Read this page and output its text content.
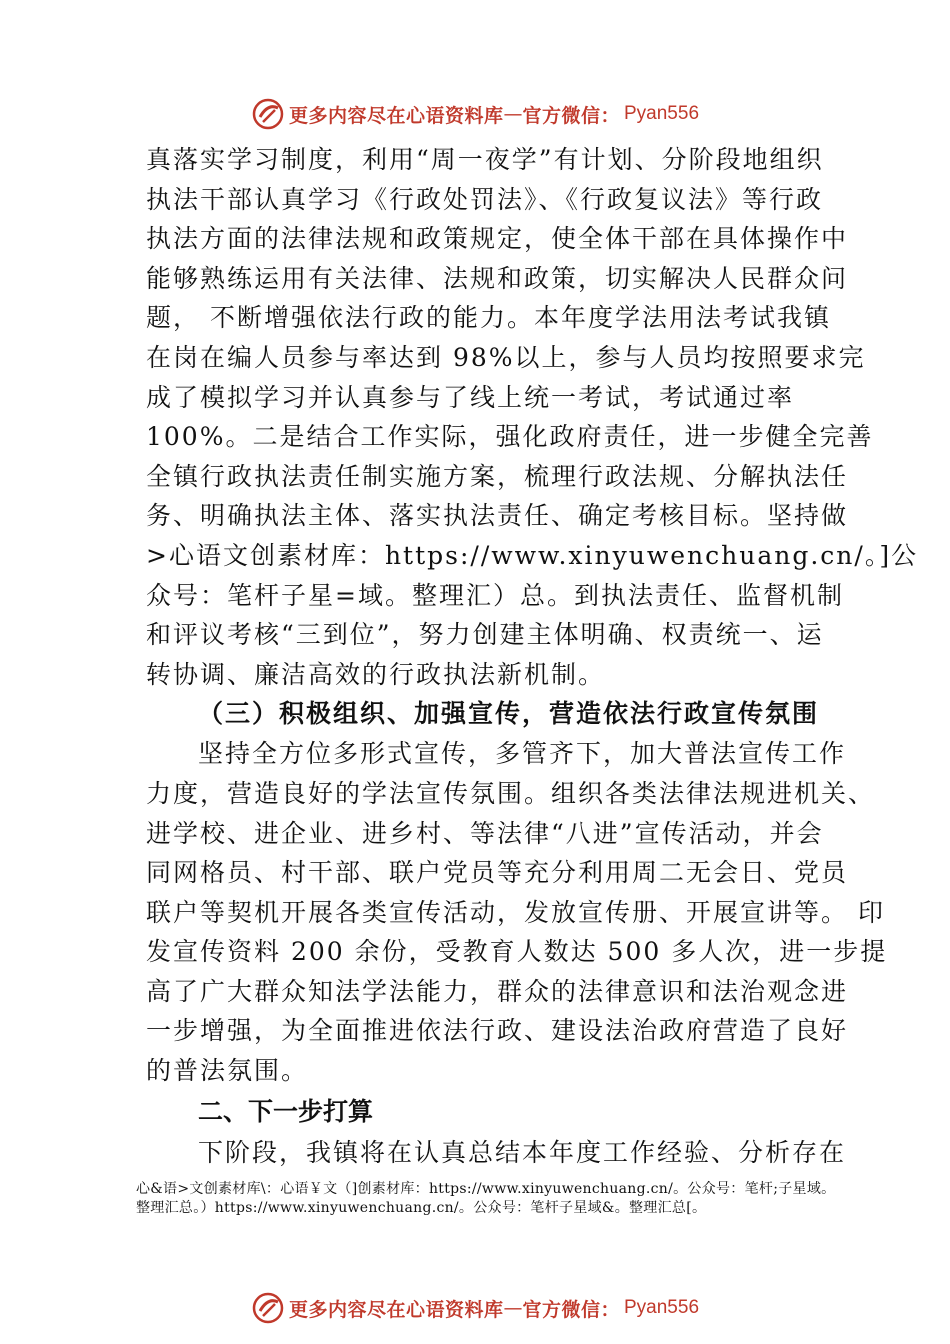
更多内容尽在心语资料库 — 官方微信： Pyan556

真落实学习制度，利用“周一夜学”有计划、分阶段地组织
执法干部认真学习《行政处罚法》、《行政复议法》等行政
执法方面的法律法规和政策规定，使全体干部在具体操作中
能够熟练运用有关法律、法规和政策，切实解决人民群众问
题， 不断增强依法行政的能力。本年度学法用法考试我镇
在岗在编人员参与率达到 98%以上，参与人员均按照要求完
成了模拟学习并认真参与了线上统一考试，考试通过率
100%。二是结合工作实际，强化政府责任，进一步健全完善
全镇行政执法责任制实施方案，梳理行政法规、分解执法任
务、明确执法主体、落实执法责任、确定考核目标。坚持做
>心语文创素材库：https://www.xinyuwenchuang.cn/。]公
众号：笔杆子星=域。整理汇）总。到执法责任、监督机制
和评议考核“三到位”，努力创建主体明确、权责统一、运
转协调、廉洁高效的行政执法新机制。

（三）积极组织、加强宣传，营造依法行政宣传氛围

坚持全方位多形式宣传，多管齐下，加大普法宣传工作
力度，营造良好的学法宣传氛围。组织各类法律法规进机关、
进学校、进企业、进乡村、等法律“八进”宣传活动，并会
同网格员、村干部、联户党员等充分利用周二无会日、党员
联户等契机开展各类宣传活动，发放宣传册、开展宣讲等。 印
发宣传资料 200 余份，受教育人数达 500 多人次，进一步提
高了广大群众知法学法能力，群众的法律意识和法治观念进
一步增强，为全面推进依法行政、建设法治政府营造了良好
的普法氛围。

二、下一步打算

下阶段，我镇将在认真总结本年度工作经验、分析存在

心&语>文创素材库\：心语￥文（]创素材库：https://www.xinyuwenchuang.cn/。公众号：笔杆;子星域。整理汇总。）https://www.xinyuwenchuang.cn/。公众号：笔杆子星域&。整理汇总[。
更多内容尽在心语资料库 — 官方微信： Pyan556
